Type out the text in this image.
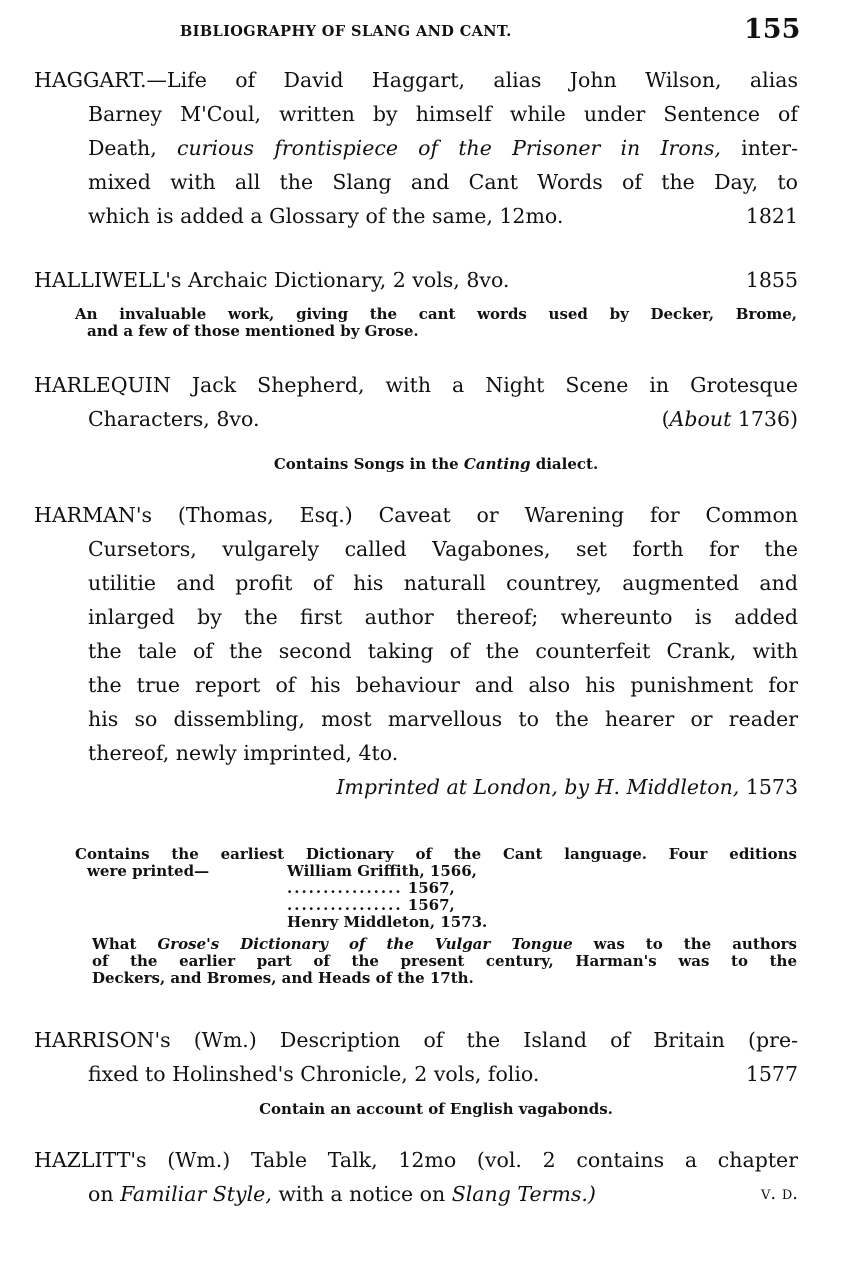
BIBLIOGRAPHY OF SLANG AND CANT.	155
HAGGART.—Life of David Haggart, alias John Wilson, alias
Barney M'Coul, written by himself while under Sentence of
Death, curious frontispiece of the Prisoner in Irons, inter-
mixed with all the Slang and Cant Words of the Day, to
which is added a Glossary of the same, 12mo.	1821
HALLIWELL's Archaic Dictionary, 2 vols, 8vo.	1855
An invaluable work, giving the cant words used by Decker, Brome,
and a few of those mentioned by Grose.
HARLEQUIN Jack Shepherd, with a Night Scene in Grotesque
Characters, 8vo.	(About 1736)
Contains Songs in the Canting dialect.
HARMAN's (Thomas, Esq.) Caveat or Warening for Common
Cursetors, vulgarely called Vagabones, set forth for the
utilitie and profit of his naturall countrey, augmented and
inlarged by the first author thereof; whereunto is added
the tale of the second taking of the counterfeit Crank, with
the true report of his behaviour and also his punishment for
his so dissembling, most marvellous to the hearer or reader
thereof, newly imprinted, 4to.
Imprinted at London, by H. Middleton, 1573
Contains the earliest Dictionary of the Cant language. Four editions
were printed—	William Griffith, 1566,
................ 1567,
................ 1567,
Henry Middleton, 1573.
What Grose's Dictionary of the Vulgar Tongue was to the authors
of the earlier part of the present century, Harman's was to the
Deckers, and Bromes, and Heads of the 17th.
HARRISON's (Wm.) Description of the Island of Britain (pre-
fixed to Holinshed's Chronicle, 2 vols, folio.	1577
Contain an account of English vagabonds.
HAZLITT's (Wm.) Table Talk, 12mo (vol. 2 contains a chapter
on Familiar Style, with a notice on Slang Terms.)	v. d.
